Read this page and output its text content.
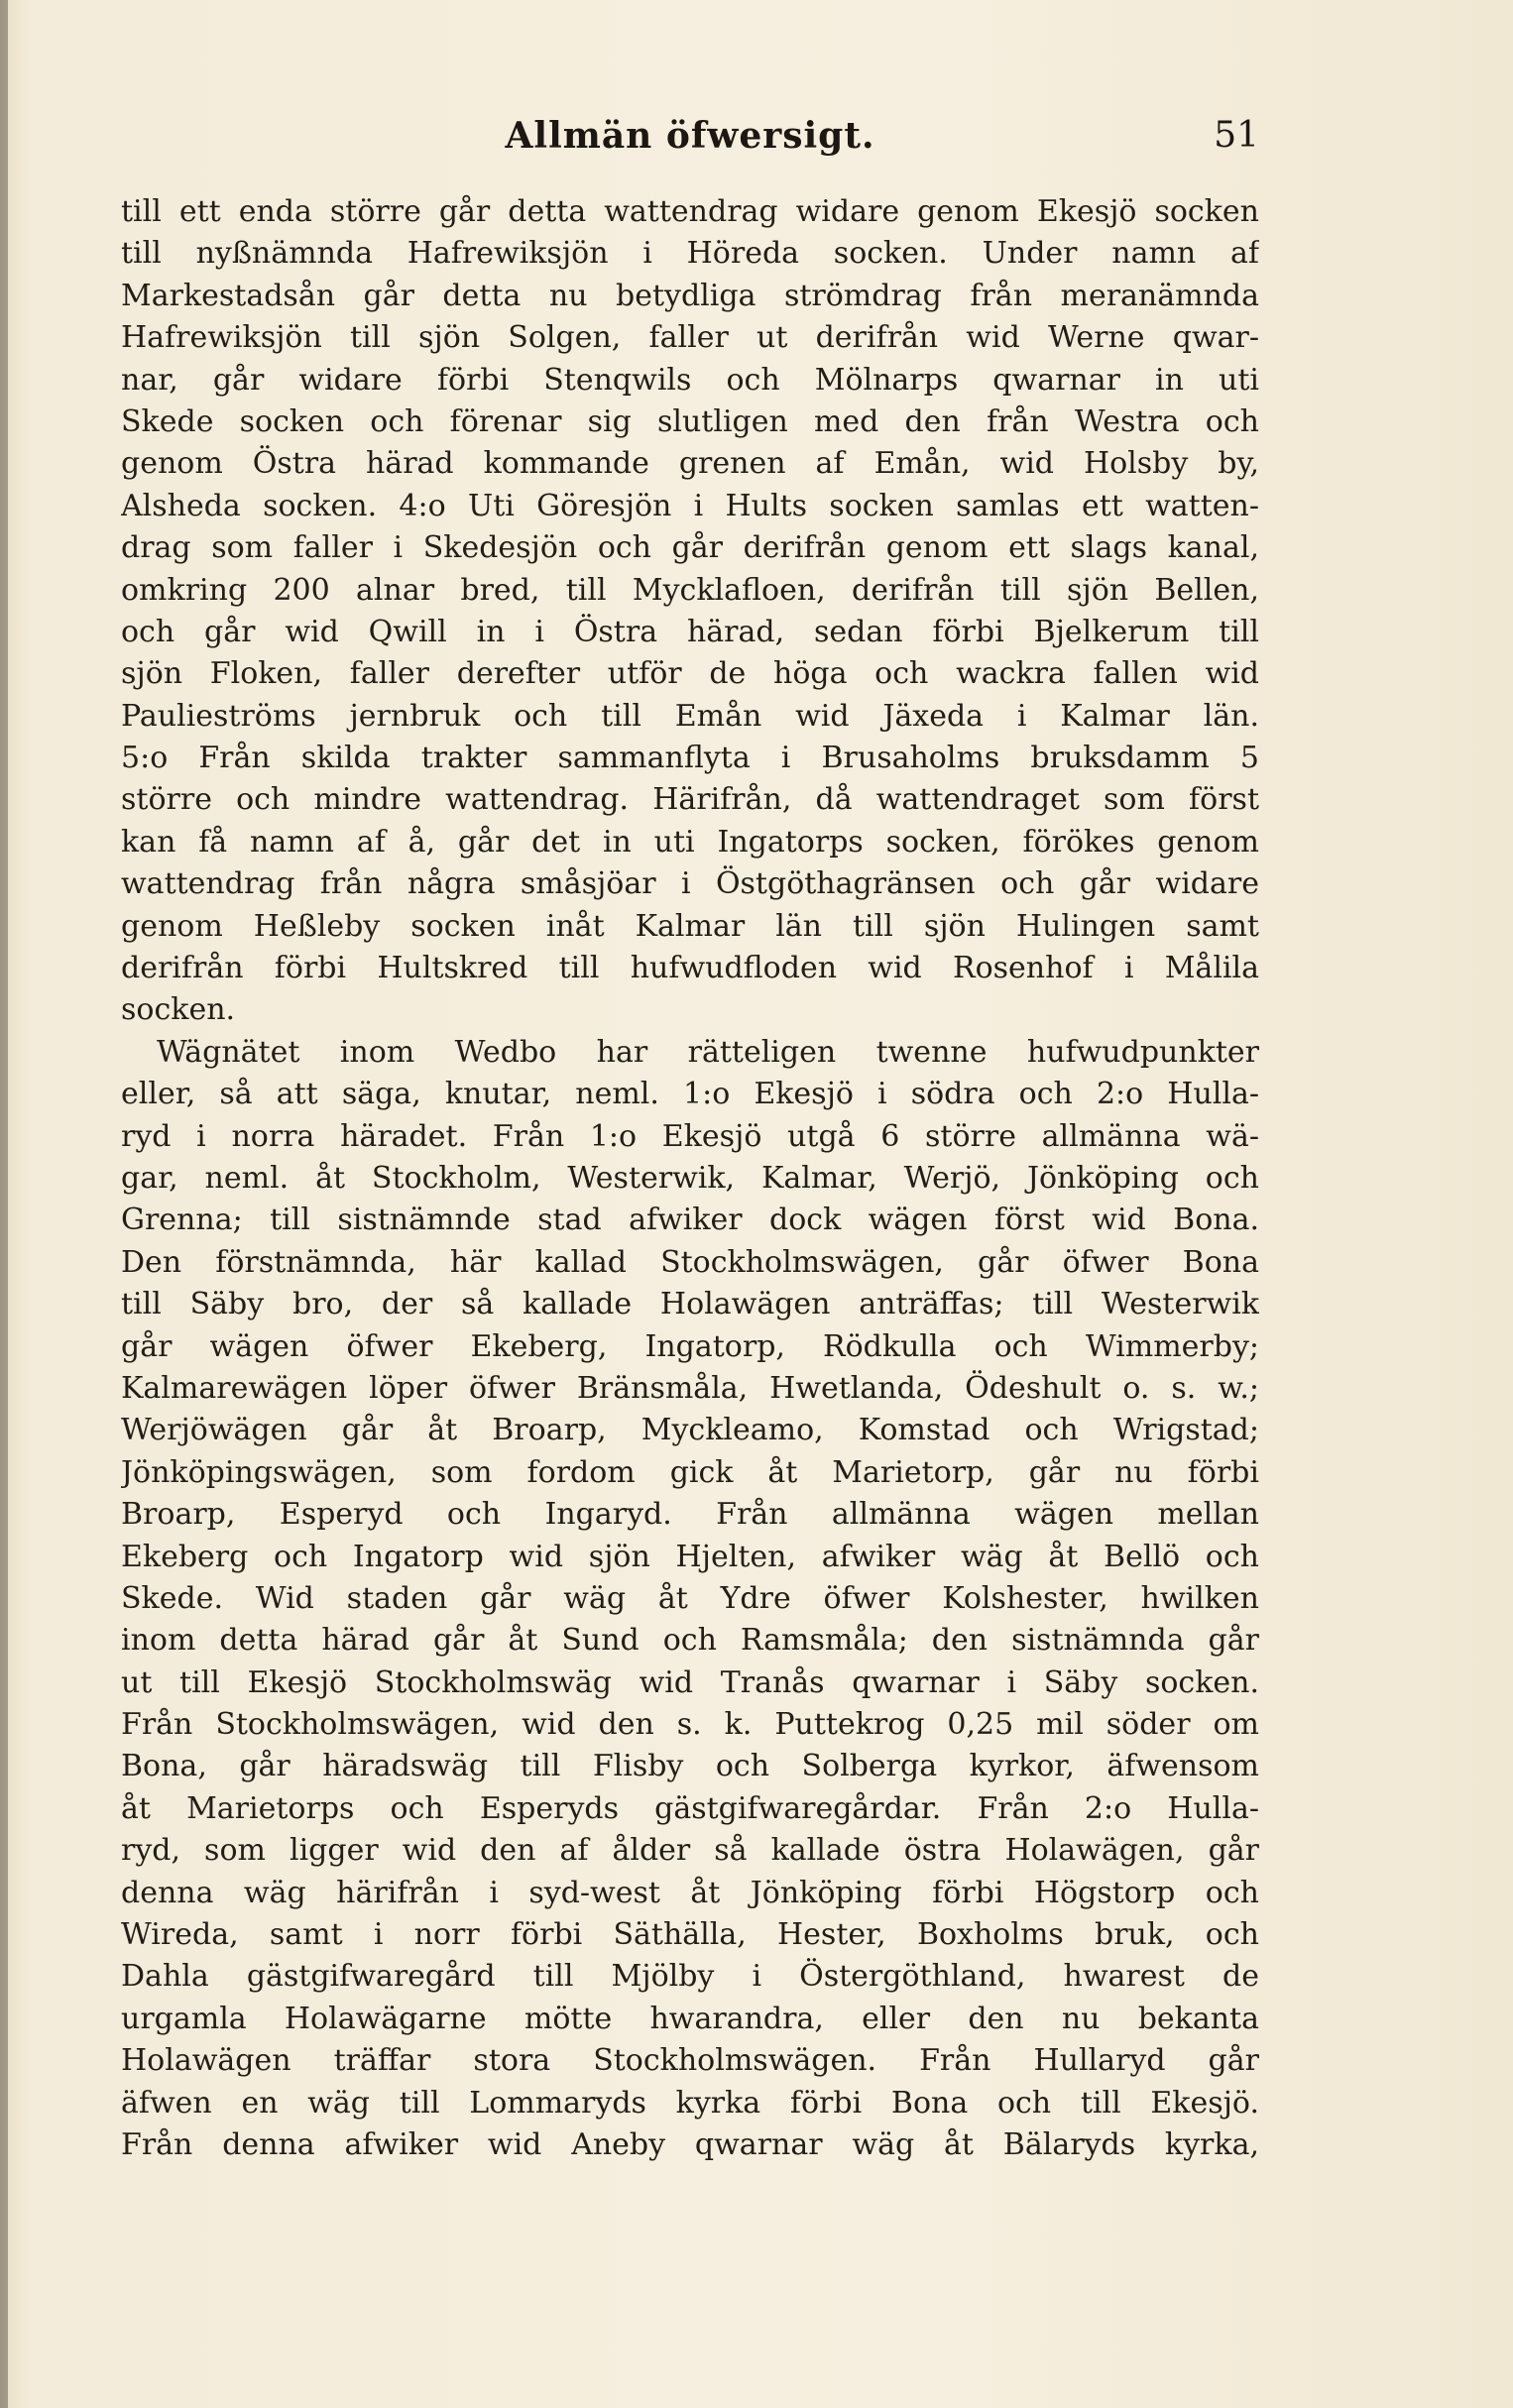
Allmän öfwersigt.	51
till ett enda större går detta wattendrag widare genom Ekesjö socken
till nyßnämnda Hafrewiksjön i Höreda socken. Under namn af
Markestadsån går detta nu betydliga strömdrag från meranämnda
Hafrewiksjön till sjön Solgen, faller ut derifrån wid Werne qwar-
nar, går widare förbi Stenqwils och Mölnarps qwarnar in uti
Skede socken och förenar sig slutligen med den från Westra och
genom Östra härad kommande grenen af Emån, wid Holsby by,
Alsheda socken. 4:o Uti Göresjön i Hults socken samlas ett watten-
drag som faller i Skedesjön och går derifrån genom ett slags kanal,
omkring 200 alnar bred, till Mycklafloen, derifrån till sjön Bellen,
och går wid Qwill in i Östra härad, sedan förbi Bjelkerum till
sjön Floken, faller derefter utför de höga och wackra fallen wid
Paulieströms jernbruk och till Emån wid Jäxeda i Kalmar län.
5:o Från skilda trakter sammanflyta i Brusaholms bruksdamm 5
större och mindre wattendrag. Härifrån, då wattendraget som först
kan få namn af å, går det in uti Ingatorps socken, förökes genom
wattendrag från några småsjöar i Östgöthagränsen och går widare
genom Heßleby socken inåt Kalmar län till sjön Hulingen samt
derifrån förbi Hultskred till hufwudfloden wid Rosenhof i Målila
socken.
Wägnätet inom Wedbo har rätteligen twenne hufwudpunkter
eller, så att säga, knutar, neml. 1:o Ekesjö i södra och 2:o Hulla-
ryd i norra häradet. Från 1:o Ekesjö utgå 6 större allmänna wä-
gar, neml. åt Stockholm, Westerwik, Kalmar, Werjö, Jönköping och
Grenna; till sistnämnde stad afwiker dock wägen först wid Bona.
Den förstnämnda, här kallad Stockholmswägen, går öfwer Bona
till Säby bro, der så kallade Holawägen anträffas; till Westerwik
går wägen öfwer Ekeberg, Ingatorp, Rödkulla och Wimmerby;
Kalmarewägen löper öfwer Bränsmåla, Hwetlanda, Ödeshult o. s. w.;
Werjöwägen går åt Broarp, Myckleamo, Komstad och Wrigstad;
Jönköpingswägen, som fordom gick åt Marietorp, går nu förbi
Broarp, Esperyd och Ingaryd. Från allmänna wägen mellan
Ekeberg och Ingatorp wid sjön Hjelten, afwiker wäg åt Bellö och
Skede. Wid staden går wäg åt Ydre öfwer Kolshester, hwilken
inom detta härad går åt Sund och Ramsmåla; den sistnämnda går
ut till Ekesjö Stockholmswäg wid Tranås qwarnar i Säby socken.
Från Stockholmswägen, wid den s. k. Puttekrog 0,25 mil söder om
Bona, går häradswäg till Flisby och Solberga kyrkor, äfwensom
åt Marietorps och Esperyds gästgifwaregårdar. Från 2:o Hulla-
ryd, som ligger wid den af ålder så kallade östra Holawägen, går
denna wäg härifrån i syd-west åt Jönköping förbi Högstorp och
Wireda, samt i norr förbi Säthälla, Hester, Boxholms bruk, och
Dahla gästgifwaregård till Mjölby i Östergöthland, hwarest de
urgamla Holawägarne mötte hwarandra, eller den nu bekanta
Holawägen träffar stora Stockholmswägen. Från Hullaryd går
äfwen en wäg till Lommaryds kyrka förbi Bona och till Ekesjö.
Från denna afwiker wid Aneby qwarnar wäg åt Bälaryds kyrka,
